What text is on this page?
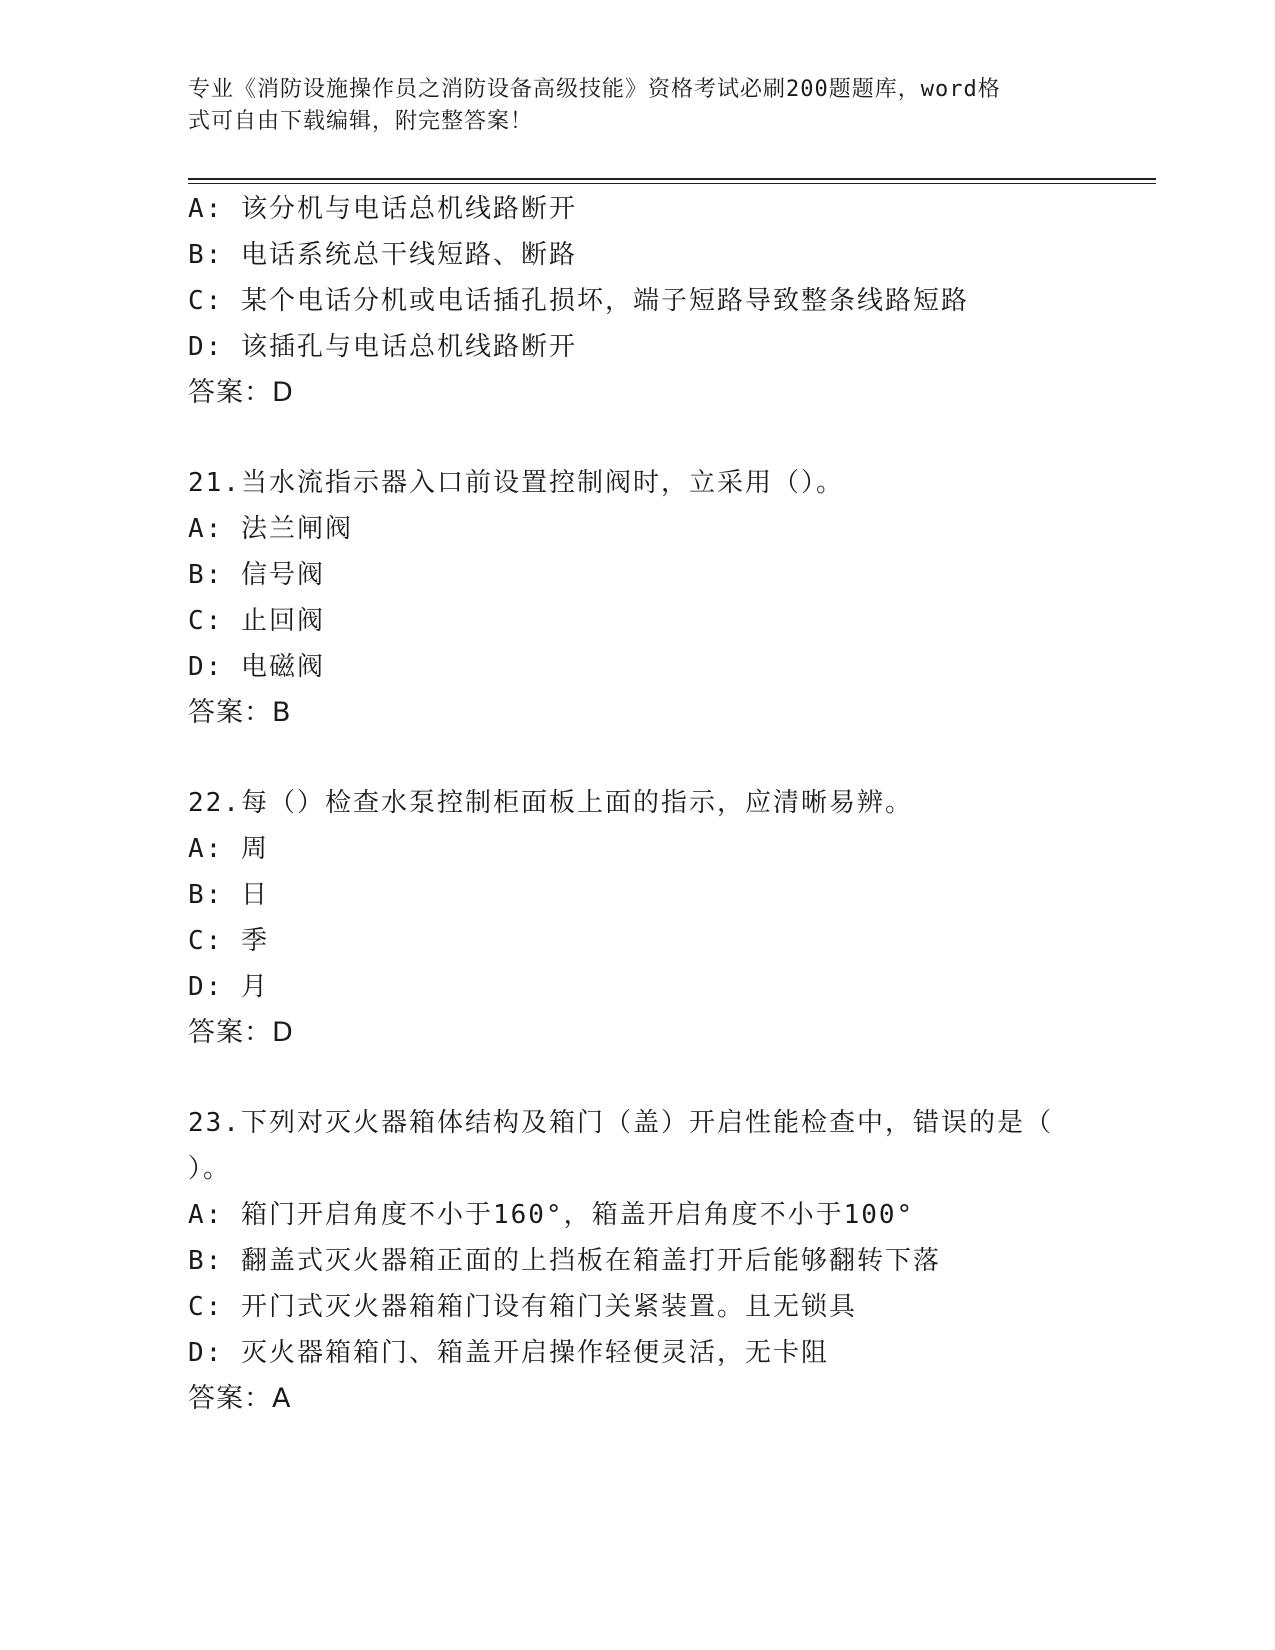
专业《消防设施操作员之消防设备高级技能》资格考试必刷200题题库，word格
式可自由下载编辑，附完整答案！
A: 该分机与电话总机线路断开
B: 电话系统总干线短路、断路
C: 某个电话分机或电话插孔损坏，端子短路导致整条线路短路
D: 该插孔与电话总机线路断开
答案：D
21.当水流指示器入口前设置控制阀时，立采用（）。
A: 法兰闸阀
B: 信号阀
C: 止回阀
D: 电磁阀
答案：B
22.每（）检查水泵控制柜面板上面的指示，应清晰易辨。
A: 周
B: 日
C: 季
D: 月
答案：D
23.下列对灭火器箱体结构及箱门（盖）开启性能检查中，错误的是（
）。
A: 箱门开启角度不小于160°，箱盖开启角度不小于100°
B: 翻盖式灭火器箱正面的上挡板在箱盖打开后能够翻转下落
C: 开门式灭火器箱箱门设有箱门关紧装置。且无锁具
D: 灭火器箱箱门、箱盖开启操作轻便灵活，无卡阻
答案：A
